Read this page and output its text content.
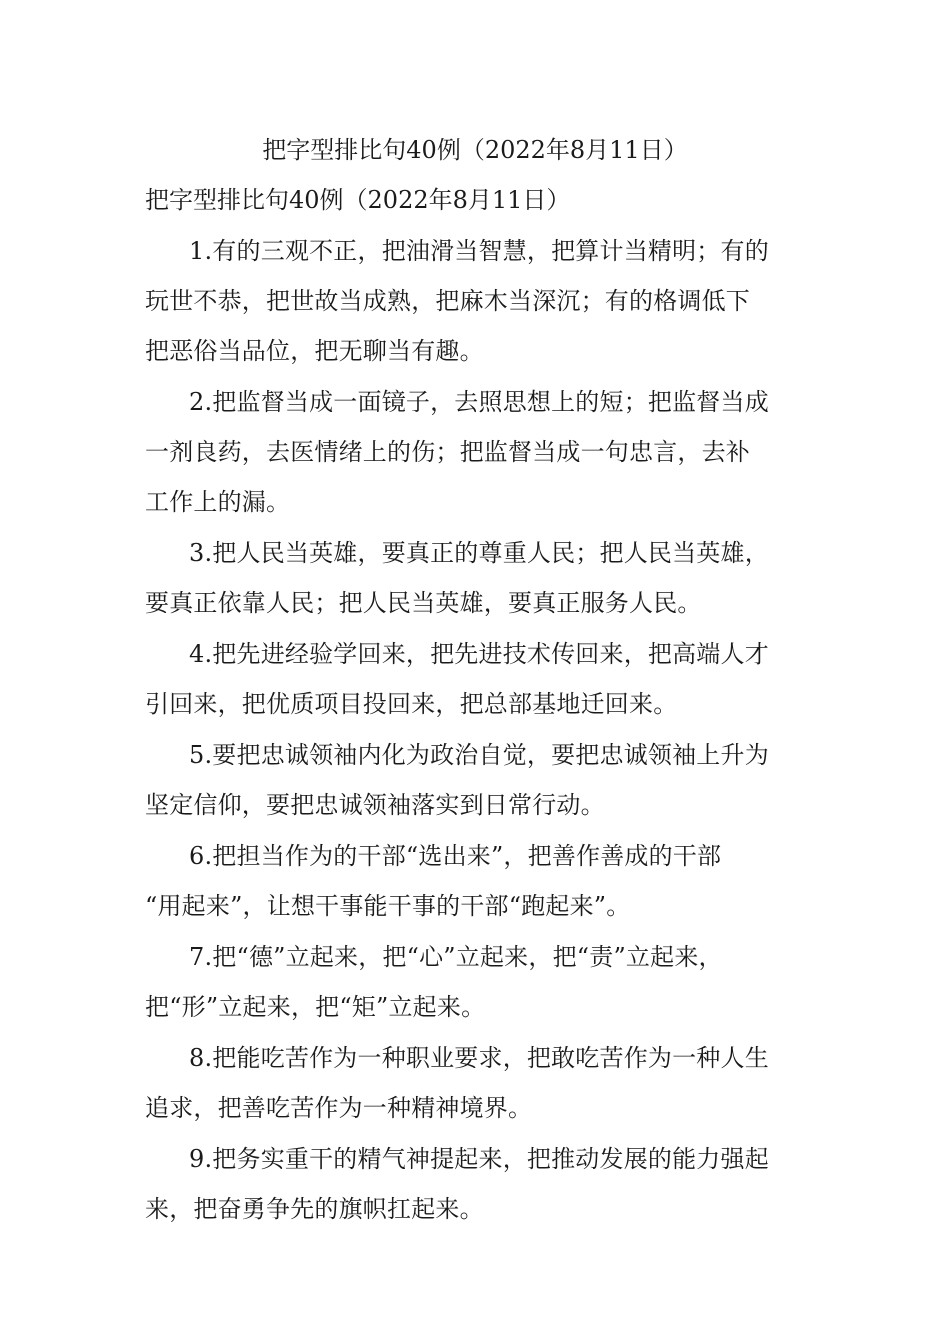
把字型排比句40例（2022年8月11日）

把字型排比句40例（2022年8月11日）

1.有的三观不正，把油滑当智慧，把算计当精明；有的
玩世不恭，把世故当成熟，把麻木当深沉；有的格调低下
把恶俗当品位，把无聊当有趣。
2.把监督当成一面镜子，去照思想上的短；把监督当成
一剂良药，去医情绪上的伤；把监督当成一句忠言，去补
工作上的漏。
3.把人民当英雄，要真正的尊重人民；把人民当英雄，
要真正依靠人民；把人民当英雄，要真正服务人民。
4.把先进经验学回来，把先进技术传回来，把高端人才
引回来，把优质项目投回来，把总部基地迁回来。
5.要把忠诚领袖内化为政治自觉，要把忠诚领袖上升为
坚定信仰，要把忠诚领袖落实到日常行动。
6.把担当作为的干部“选出来”，把善作善成的干部
“用起来”，让想干事能干事的干部“跑起来”。
7.把“德”立起来，把“心”立起来，把“责”立起来，
把“形”立起来，把“矩”立起来。
8.把能吃苦作为一种职业要求，把敢吃苦作为一种人生
追求，把善吃苦作为一种精神境界。
9.把务实重干的精气神提起来，把推动发展的能力强起
来，把奋勇争先的旗帜扛起来。
